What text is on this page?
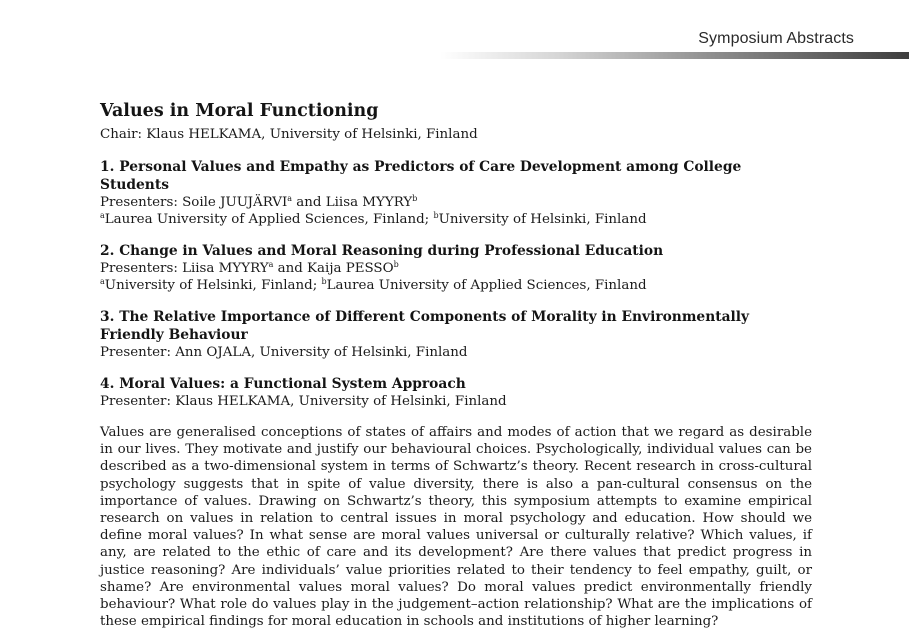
Symposium Abstracts
Values in Moral Functioning
Chair: Klaus HELKAMA, University of Helsinki, Finland
1. Personal Values and Empathy as Predictors of Care Development among College Students
Presenters: Soile JUUJÄRVI$^a$ and Liisa MYYRY$^b$
$^a$Laurea University of Applied Sciences, Finland; $^b$University of Helsinki, Finland
2. Change in Values and Moral Reasoning during Professional Education
Presenters: Liisa MYYRY$^a$ and Kaija PESSO$^b$
$^a$University of Helsinki, Finland; $^b$Laurea University of Applied Sciences, Finland
3. The Relative Importance of Different Components of Morality in Environmentally Friendly Behaviour
Presenter: Ann OJALA, University of Helsinki, Finland
4. Moral Values: a Functional System Approach
Presenter: Klaus HELKAMA, University of Helsinki, Finland
Values are generalised conceptions of states of affairs and modes of action that we regard as desirable in our lives. They motivate and justify our behavioural choices. Psychologically, individual values can be described as a two-dimensional system in terms of Schwartz’s theory. Recent research in cross-cultural psychology suggests that in spite of value diversity, there is also a pan-cultural consensus on the importance of values. Drawing on Schwartz’s theory, this symposium attempts to examine empirical research on values in relation to central issues in moral psychology and education. How should we define moral values? In what sense are moral values universal or culturally relative? Which values, if any, are related to the ethic of care and its development? Are there values that predict progress in justice reasoning? Are individuals’ value priorities related to their tendency to feel empathy, guilt, or shame? Are environmental values moral values? Do moral values predict environmentally friendly behaviour? What role do values play in the judgement–action relationship? What are the implications of these empirical findings for moral education in schools and institutions of higher learning?
